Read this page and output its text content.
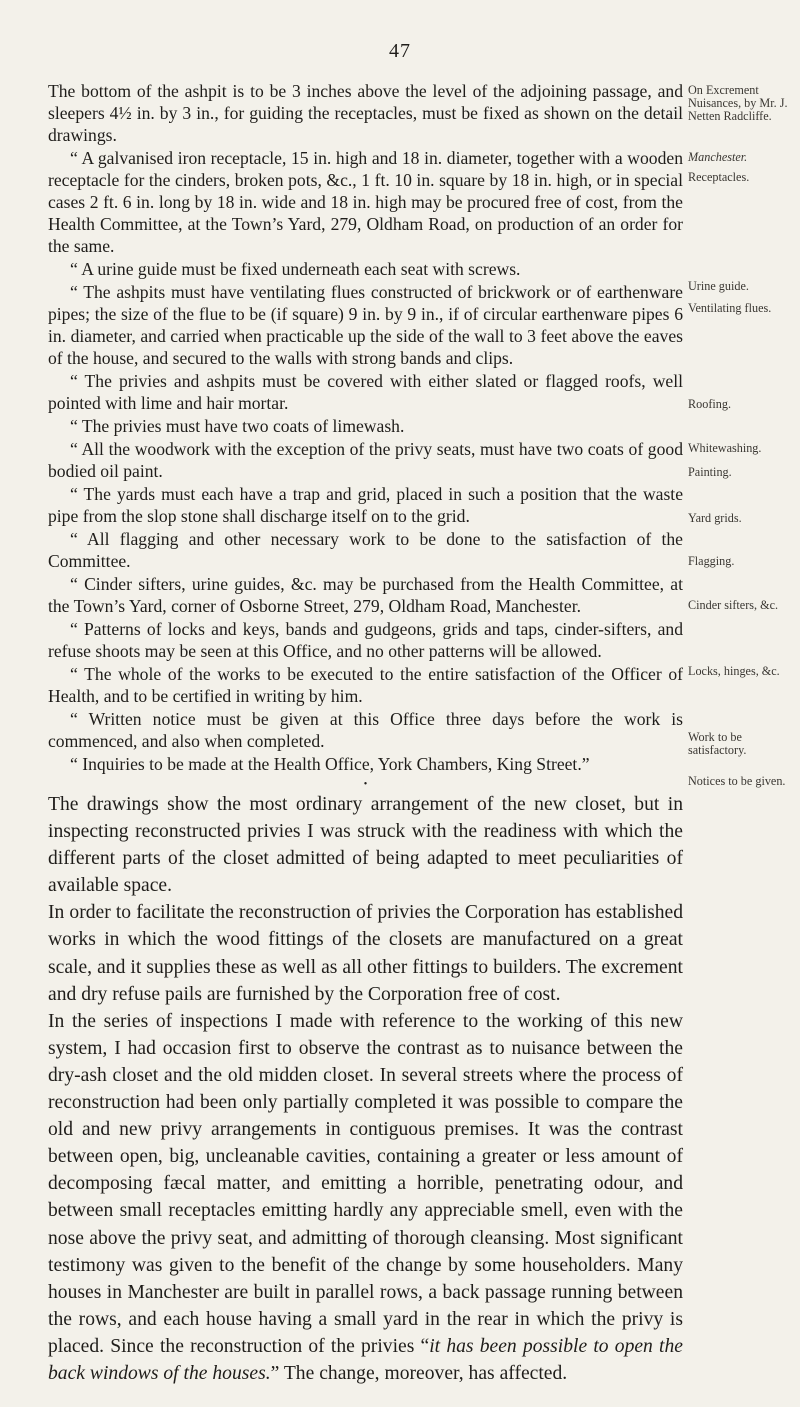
47

The bottom of the ashpit is to be 3 inches above the level of the adjoining passage, and sleepers 4½ in. by 3 in., for guiding the receptacles, must be fixed as shown on the detail drawings.

“ A galvanised iron receptacle, 15 in. high and 18 in. diameter, together with a wooden receptacle for the cinders, broken pots, &c., 1 ft. 10 in. square by 18 in. high, or in special cases 2 ft. 6 in. long by 18 in. wide and 18 in. high may be procured free of cost, from the Health Committee, at the Town’s Yard, 279, Oldham Road, on production of an order for the same.

“ A urine guide must be fixed underneath each seat with screws.

“ The ashpits must have ventilating flues constructed of brickwork or of earthenware pipes; the size of the flue to be (if square) 9 in. by 9 in., if of circular earthenware pipes 6 in. diameter, and carried when practicable up the side of the wall to 3 feet above the eaves of the house, and secured to the walls with strong bands and clips.

“ The privies and ashpits must be covered with either slated or flagged roofs, well pointed with lime and hair mortar.

“ The privies must have two coats of limewash.

“ All the woodwork with the exception of the privy seats, must have two coats of good bodied oil paint.

“ The yards must each have a trap and grid, placed in such a position that the waste pipe from the slop stone shall discharge itself on to the grid.

“ All flagging and other necessary work to be done to the satisfaction of the Committee.

“ Cinder sifters, urine guides, &c. may be purchased from the Health Committee, at the Town’s Yard, corner of Osborne Street, 279, Oldham Road, Manchester.

“ Patterns of locks and keys, bands and gudgeons, grids and taps, cinder-sifters, and refuse shoots may be seen at this Office, and no other patterns will be allowed.

“ The whole of the works to be executed to the entire satisfaction of the Officer of Health, and to be certified in writing by him.

“ Written notice must be given at this Office three days before the work is commenced, and also when completed.

“ Inquiries to be made at the Health Office, York Chambers, King Street.”

•

The drawings show the most ordinary arrangement of the new closet, but in inspecting reconstructed privies I was struck with the readiness with which the different parts of the closet admitted of being adapted to meet peculiarities of available space.

In order to facilitate the reconstruction of privies the Corporation has established works in which the wood fittings of the closets are manufactured on a great scale, and it supplies these as well as all other fittings to builders. The excrement and dry refuse pails are furnished by the Corporation free of cost.

In the series of inspections I made with reference to the working of this new system, I had occasion first to observe the contrast as to nuisance between the dry-ash closet and the old midden closet. In several streets where the process of reconstruction had been only partially completed it was possible to compare the old and new privy arrangements in contiguous premises. It was the contrast between open, big, uncleanable cavities, containing a greater or less amount of decomposing fæcal matter, and emitting a horrible, penetrating odour, and between small receptacles emitting hardly any appreciable smell, even with the nose above the privy seat, and admitting of thorough cleansing. Most significant testimony was given to the benefit of the change by some householders. Many houses in Manchester are built in parallel rows, a back passage running between the rows, and each house having a small yard in the rear in which the privy is placed. Since the reconstruction of the privies “it has been possible to open the back windows of the houses.” The change, moreover, has affected.

On Excrement Nuisances, by Mr. J. Netten Radcliffe.
Manchester.
Receptacles.
Urine guide.
Ventilating flues.
Roofing.
Whitewashing.
Painting.
Yard grids.
Flagging.
Cinder sifters, &c.
Locks, hinges, &c.
Work to be satisfactory.
Notices to be given.
